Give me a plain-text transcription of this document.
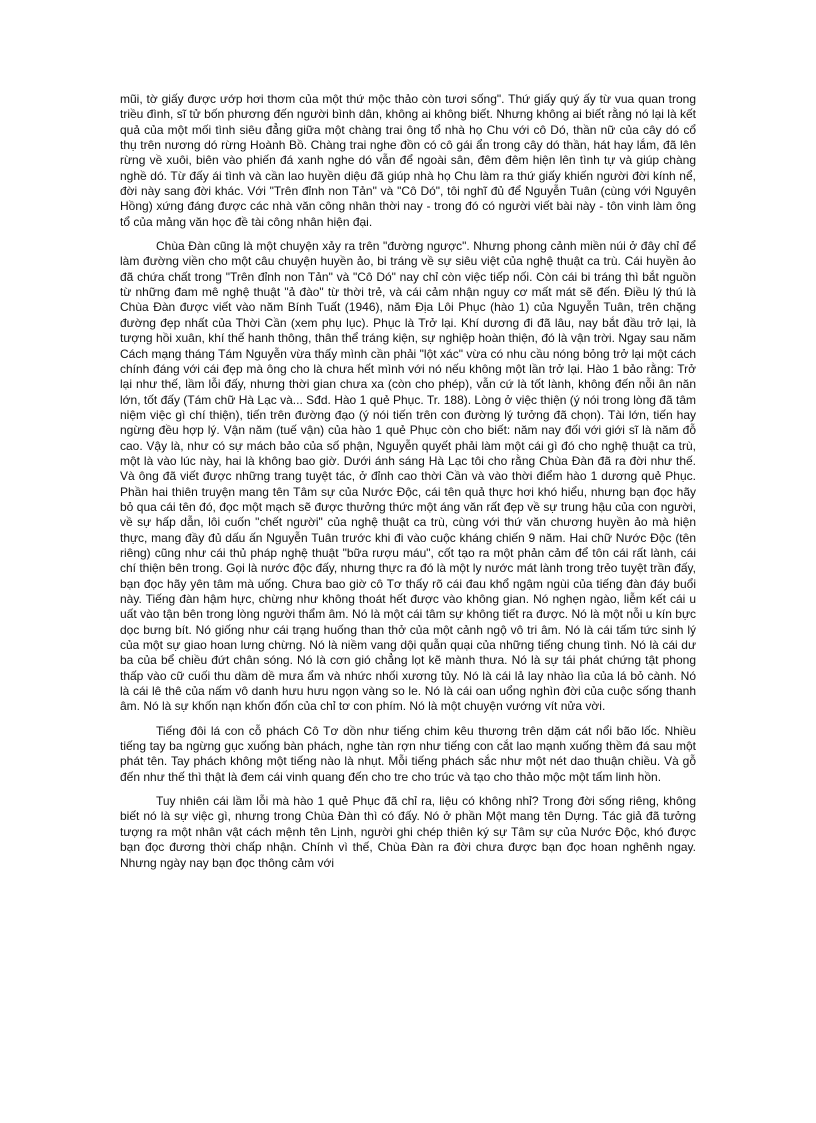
mũi, tờ giấy được ướp hơi thơm của một thứ mộc thảo còn tươi sống". Thứ giấy quý ấy từ vua quan trong triều đình, sĩ tử bốn phương đến người bình dân, không ai không biết. Nhưng không ai biết rằng nó lại là kết quả của một mối tình siêu đẳng giữa một chàng trai ông tổ nhà họ Chu với cô Dó, thần nữ của cây dó cổ thụ trên nương dó rừng Hoành Bồ. Chàng trai nghe đồn có cô gái ẩn trong cây dó thần, hát hay lắm, đã lên rừng về xuôi, biên vào phiến đá xanh nghe dó vẫn để ngoài sân, đêm đêm hiện lên tình tự và giúp chàng nghề dó. Từ đấy ái tình và cần lao huyền diệu đã giúp nhà họ Chu làm ra thứ giấy khiến người đời kính nể, đời này sang đời khác. Với "Trên đỉnh non Tản" và "Cô Dó", tôi nghĩ đủ để Nguyễn Tuân (cùng với Nguyên Hồng) xứng đáng được các nhà văn công nhân thời nay - trong đó có người viết bài này - tôn vinh làm ông tổ của mảng văn học đề tài công nhân hiện đại.

Chùa Đàn cũng là một chuyện xảy ra trên "đường ngược". Nhưng phong cảnh miền núi ở đây chỉ để làm đường viền cho một câu chuyện huyền ảo, bi tráng về sự siêu việt của nghệ thuật ca trù. Cái huyền ảo đã chứa chất trong "Trên đỉnh non Tản" và "Cô Dó" nay chỉ còn việc tiếp nối. Còn cái bi tráng thì bắt nguồn từ những đam mê nghệ thuật "ả đào" từ thời trẻ, và cái cảm nhận nguy cơ mất mát sẽ đến. Điều lý thú là Chùa Đàn được viết vào năm Bính Tuất (1946), năm Địa Lôi Phục (hào 1) của Nguyễn Tuân, trên chặng đường đẹp nhất của Thời Cần (xem phụ lục). Phục là Trở lại. Khí dương đi đã lâu, nay bắt đầu trở lại, là tượng hồi xuân, khí thế hanh thông, thân thể tráng kiện, sự nghiệp hoàn thiện, đó là vận trời. Ngay sau năm Cách mạng tháng Tám Nguyễn vừa thấy mình cần phải "lột xác" vừa có nhu cầu nóng bỏng trở lại một cách chính đáng với cái đẹp mà ông cho là chưa hết mình với nó nếu không một lần trở lại. Hào 1 bảo rằng: Trở lại như thế, lầm lỗi đấy, nhưng thời gian chưa xa (còn cho phép), vẫn cứ là tốt lành, không đến nỗi ân năn lớn, tốt đấy (Tám chữ Hà Lạc và... Sđd. Hào 1 quẻ Phục. Tr. 188). Lòng ở việc thiện (ý nói trong lòng đã tâm niệm việc gì chí thiện), tiến trên đường đạo (ý nói tiến trên con đường lý tưởng đã chọn). Tài lớn, tiến hay ngừng đều hợp lý. Vận năm (tuế vận) của hào 1 quẻ Phục còn cho biết: năm nay đối với giới sĩ là năm đỗ cao. Vậy là, như có sự mách bảo của số phận, Nguyễn quyết phải làm một cái gì đó cho nghệ thuật ca trù, một là vào lúc này, hai là không bao giờ. Dưới ánh sáng Hà Lạc tôi cho rằng Chùa Đàn đã ra đời như thế. Và ông đã viết được những trang tuyệt tác, ở đỉnh cao thời Cần và vào thời điểm hào 1 dương quẻ Phục. Phần hai thiên truyện mang tên Tâm sự của Nước Độc, cái tên quả thực hơi khó hiểu, nhưng bạn đọc hãy bỏ qua cái tên đó, đọc một mạch sẽ được thưởng thức một áng văn rất đẹp về sự trung hậu của con người, về sự hấp dẫn, lôi cuốn "chết người" của nghệ thuật ca trù, cùng với thứ văn chương huyền ảo mà hiện thực, mang đầy đủ dấu ấn Nguyễn Tuân trước khi đi vào cuộc kháng chiến 9 năm. Hai chữ Nước Độc (tên riêng) cũng như cái thủ pháp nghệ thuật "bữa rượu máu", cốt tạo ra một phản cảm để tôn cái rất lành, cái chí thiện bên trong. Gọi là nước độc đấy, nhưng thực ra đó là một ly nước mát lành trong trẻo tuyệt trần đấy, bạn đọc hãy yên tâm mà uống. Chưa bao giờ cô Tơ thấy rõ cái đau khổ ngậm ngùi của tiếng đàn đáy buổi này. Tiếng đàn hậm hực, chừng như không thoát hết được vào không gian. Nó nghẹn ngào, liễm kết cái u uất vào tận bên trong lòng người thẩm âm. Nó là một cái tâm sự không tiết ra được. Nó là một nỗi u kín bực dọc bưng bít. Nó giống như cái trạng huống than thở của một cảnh ngộ vô tri âm. Nó là cái tấm tức sinh lý của một sự giao hoan lưng chừng. Nó là niềm vang dội quẫn quại của những tiếng chung tình. Nó là cái dư ba của bể chiều đứt chân sóng. Nó là cơn gió chẳng lọt kẽ mành thưa. Nó là sự tái phát chứng tật phong thấp vào cữ cuối thu dầm dề mưa ẩm và nhức nhối xương tủy. Nó là cái lả lay nhào lìa của lá bỏ cành. Nó là cái lê thê của nấm vô danh hưu hưu ngọn vàng so le. Nó là cái oan uổng nghìn đời của cuộc sống thanh âm. Nó là sự khốn nạn khốn đốn của chỉ tơ con phím. Nó là một chuyện vướng vít nửa vời.

Tiếng đôi lá con cỗ phách Cô Tơ dồn như tiếng chim kêu thương trên dặm cát nổi bão lốc. Nhiều tiếng tay ba ngừng gục xuống bàn phách, nghe tàn rợn như tiếng con cắt lao mạnh xuống thềm đá sau một phát tên. Tay phách không một tiếng nào là nhụt. Mỗi tiếng phách sắc như một nét dao thuận chiều. Và gỗ đến như thế thì thật là đem cái vinh quang đến cho tre cho trúc và tạo cho thảo mộc một tấm linh hồn.

Tuy nhiên cái lầm lỗi mà hào 1 quẻ Phục đã chỉ ra, liệu có không nhỉ? Trong đời sống riêng, không biết nó là sự việc gì, nhưng trong Chùa Đàn thì có đấy. Nó ở phần Một mang tên Dựng. Tác giả đã tưởng tượng ra một nhân vật cách mệnh tên Lịnh, người ghi chép thiên ký sự Tâm sự của Nước Độc, khó được bạn đọc đương thời chấp nhận. Chính vì thế, Chùa Đàn ra đời chưa được bạn đọc hoan nghênh ngay. Nhưng ngày nay bạn đọc thông cảm với
